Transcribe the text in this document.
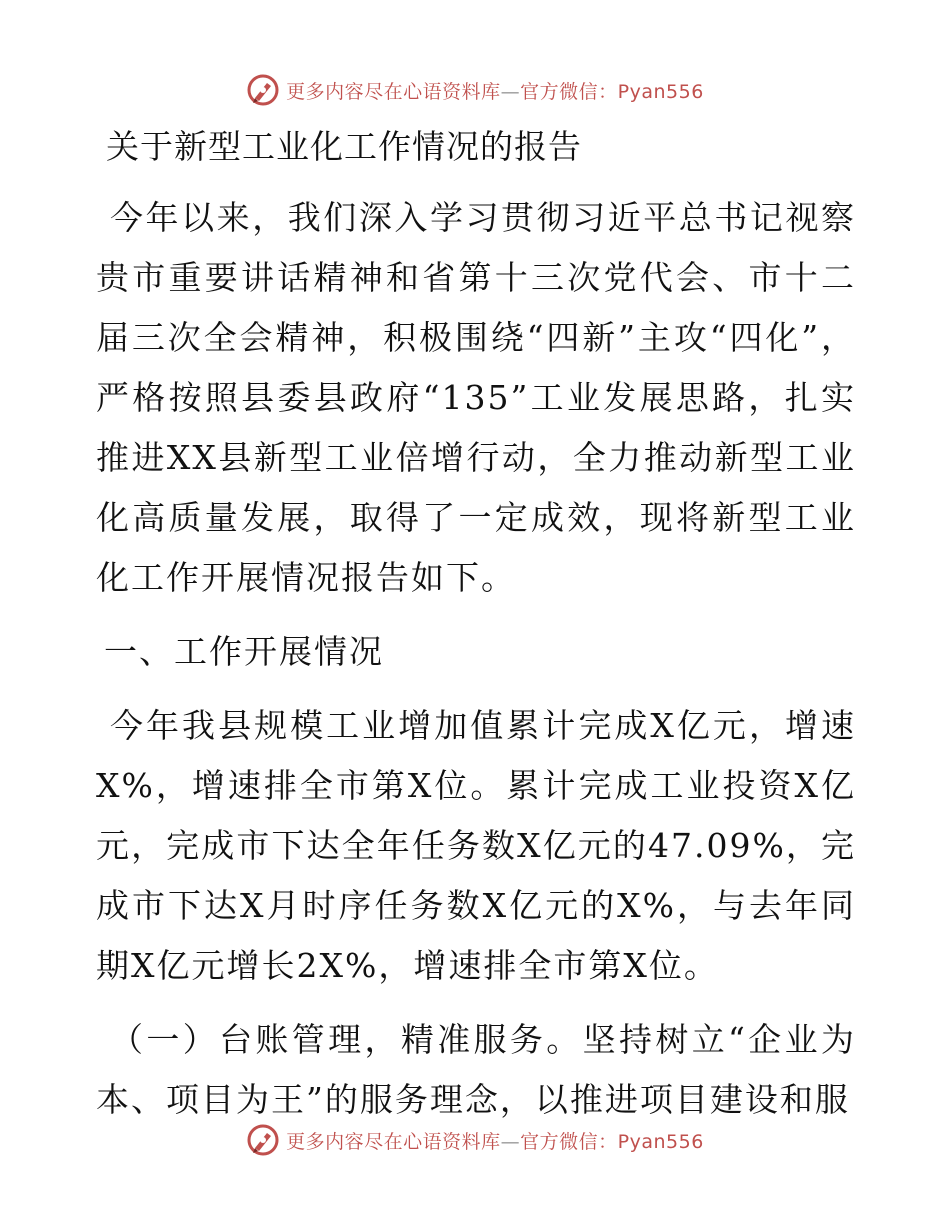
更多内容尽在心语资料库—官方微信：Pyan556
关于新型工业化工作情况的报告

今年以来，我们深入学习贯彻习近平总书记视察贵市重要讲话精神和省第十三次党代会、市十二届三次全会精神，积极围绕“四新”主攻“四化”，严格按照县委县政府“135”工业发展思路，扎实推进XX县新型工业倍增行动，全力推动新型工业化高质量发展，取得了一定成效，现将新型工业化工作开展情况报告如下。

一、工作开展情况

今年我县规模工业增加值累计完成X亿元，增速X%，增速排全市第X位。累计完成工业投资X亿元，完成市下达全年任务数X亿元的47.09%，完成市下达X月时序任务数X亿元的X%，与去年同期X亿元增长2X%，增速排全市第X位。

（一）台账管理，精准服务。坚持树立“企业为本、项目为王”的服务理念，以推进项目建设和服

更多内容尽在心语资料库—官方微信：Pyan556
